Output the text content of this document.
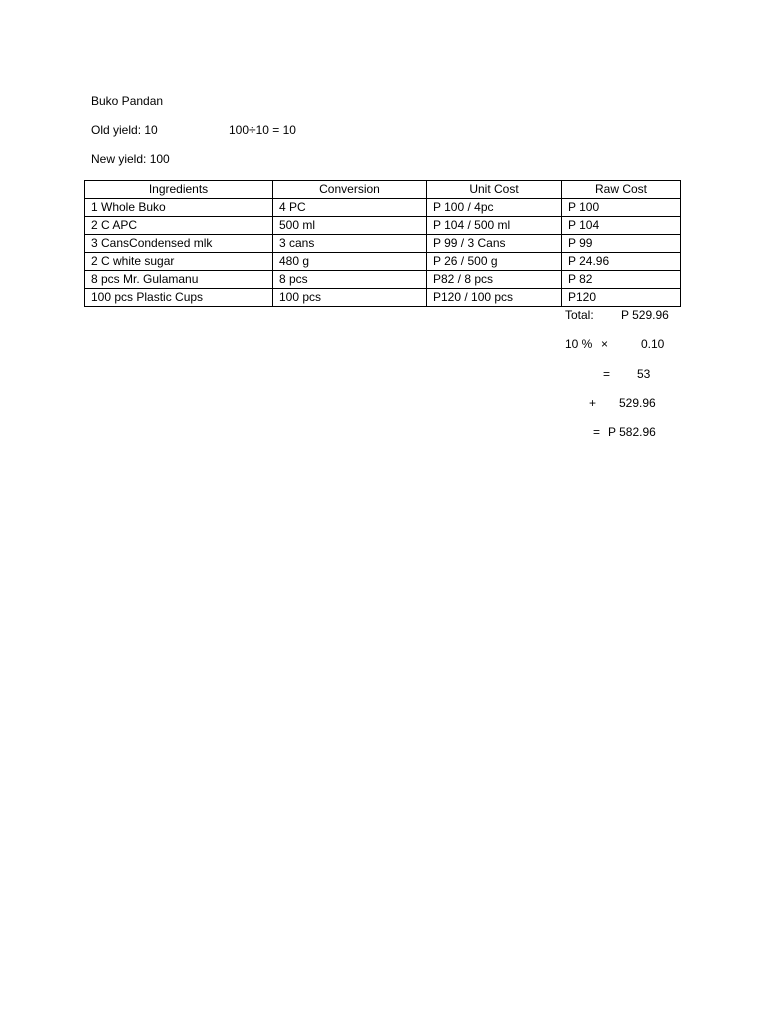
Buko Pandan
Old yield: 10	100÷10 = 10
New yield: 100
Ingredients	Conversion	Unit Cost	Raw Cost
1 Whole Buko	4 PC	P 100 / 4pc	P 100
2 C APC	500 ml	P 104 / 500 ml	P 104
3 CansCondensed mlk	3 cans	P 99 / 3 Cans	P 99
2 C white sugar	480 g	P 26 / 500 g	P 24.96
8 pcs Mr. Gulamanu	8 pcs	P82 / 8 pcs	P 82
100 pcs Plastic Cups	100 pcs	P120 / 100 pcs	P120
Total: P 529.96
10 % ×	0.10
= 53
+ 529.96
= P 582.96
